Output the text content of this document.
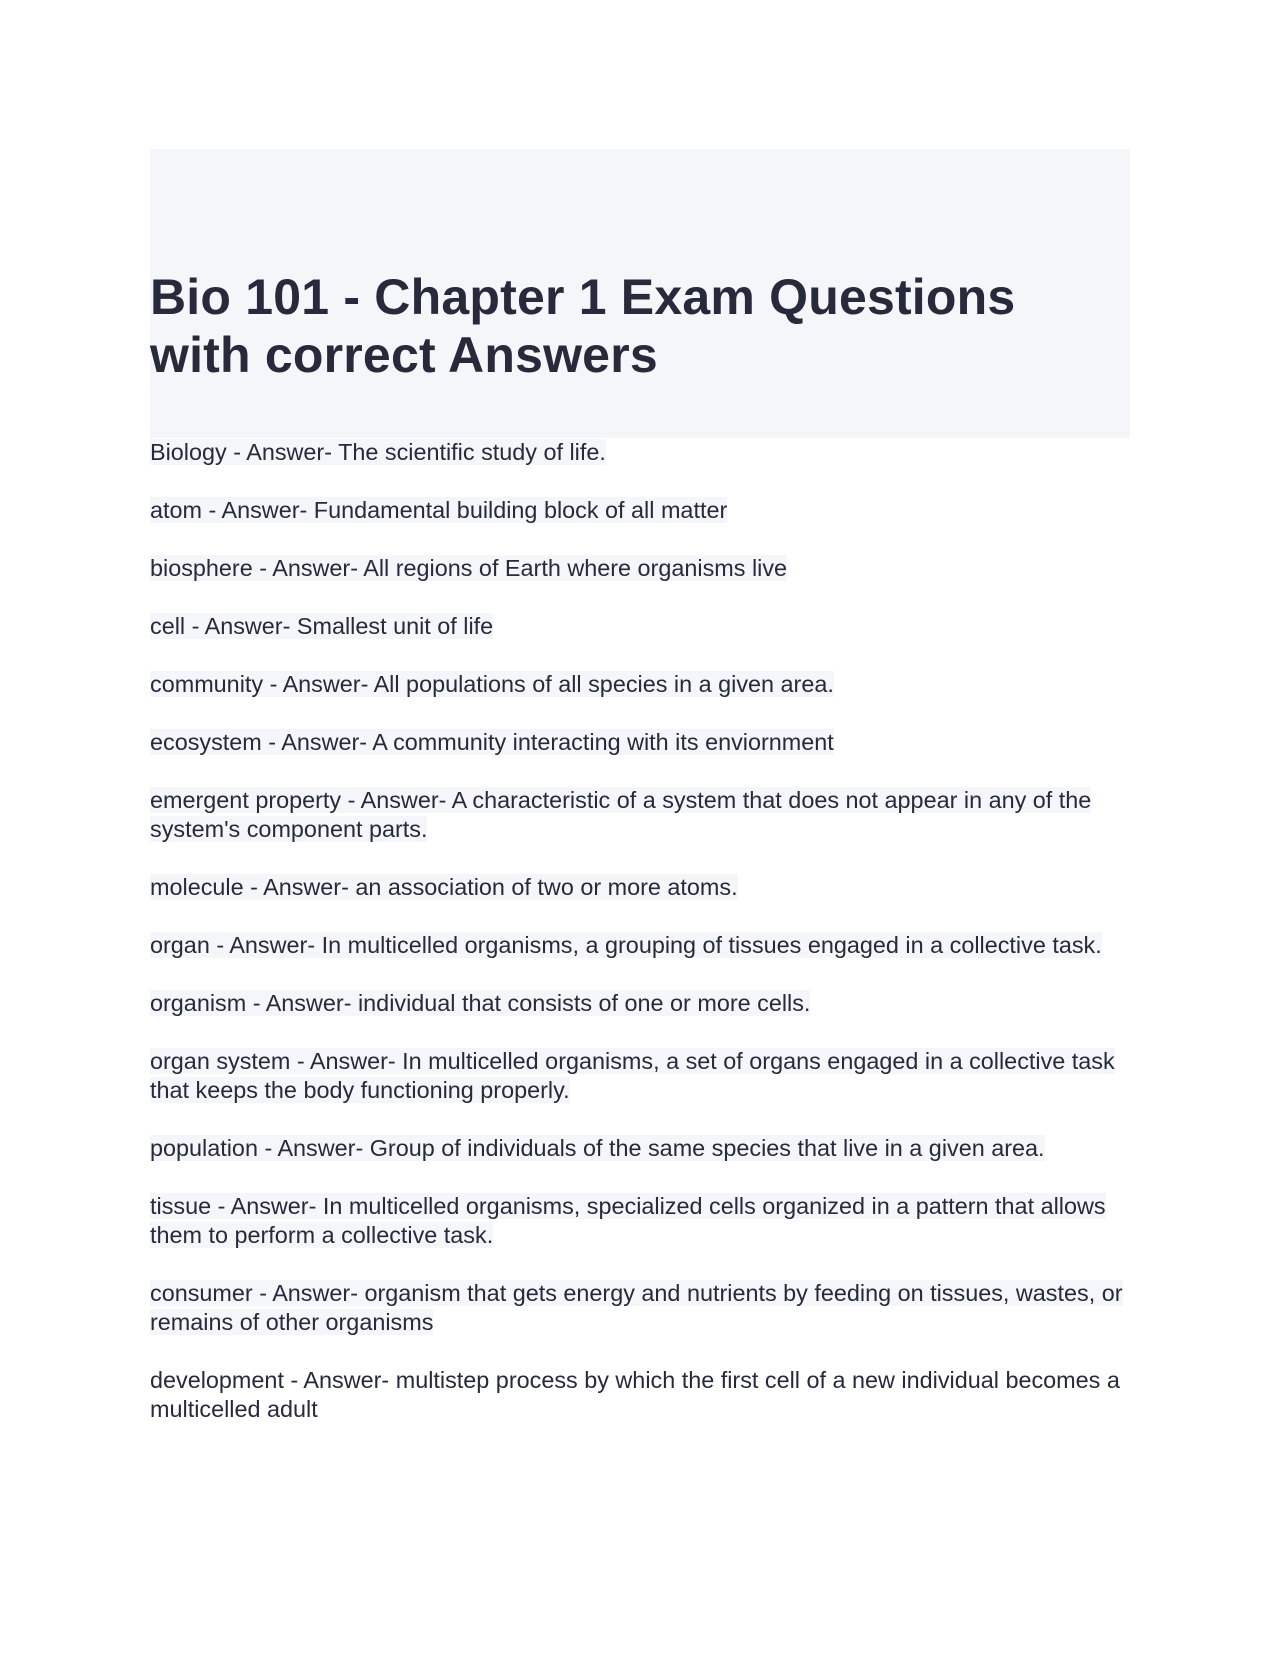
Bio 101 - Chapter 1 Exam Questions with correct Answers

Biology - Answer- The scientific study of life.

atom - Answer- Fundamental building block of all matter

biosphere - Answer- All regions of Earth where organisms live

cell - Answer- Smallest unit of life

community - Answer- All populations of all species in a given area.

ecosystem - Answer- A community interacting with its enviornment

emergent property - Answer- A characteristic of a system that does not appear in any of the system's component parts.

molecule - Answer- an association of two or more atoms.

organ - Answer- In multicelled organisms, a grouping of tissues engaged in a collective task.

organism - Answer- individual that consists of one or more cells.

organ system - Answer- In multicelled organisms, a set of organs engaged in a collective task that keeps the body functioning properly.

population - Answer- Group of individuals of the same species that live in a given area.

tissue - Answer- In multicelled organisms, specialized cells organized in a pattern that allows them to perform a collective task.

consumer - Answer- organism that gets energy and nutrients by feeding on tissues, wastes, or remains of other organisms

development - Answer- multistep process by which the first cell of a new individual becomes a multicelled adult
